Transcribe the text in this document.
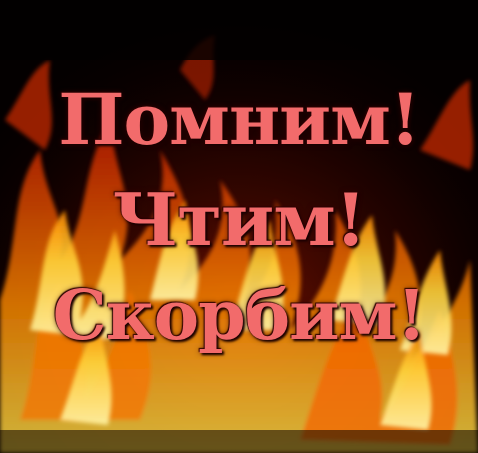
Помним!
Чтим!
Скорбим!
